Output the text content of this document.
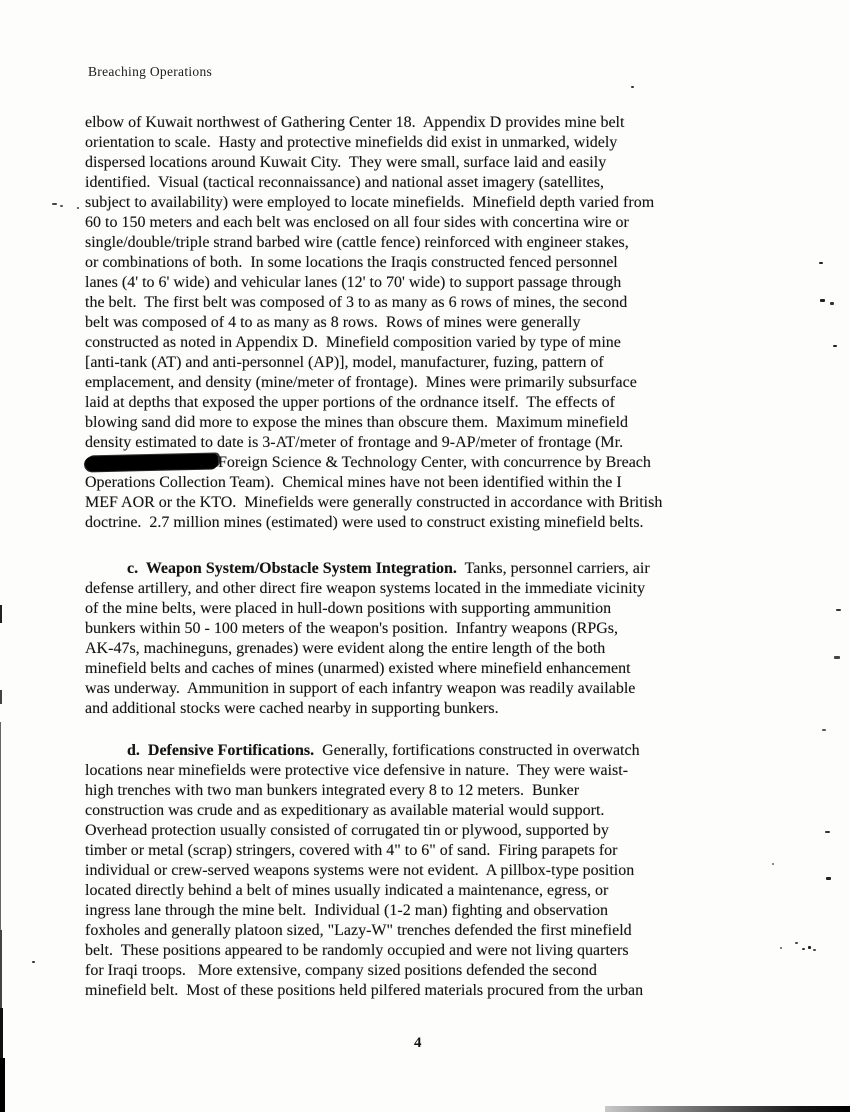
Breaching Operations
elbow of Kuwait northwest of Gathering Center 18.  Appendix D provides mine belt
orientation to scale.  Hasty and protective minefields did exist in unmarked, widely
dispersed locations around Kuwait City.  They were small, surface laid and easily
identified.  Visual (tactical reconnaissance) and national asset imagery (satellites,
subject to availability) were employed to locate minefields.  Minefield depth varied from
60 to 150 meters and each belt was enclosed on all four sides with concertina wire or
single/double/triple strand barbed wire (cattle fence) reinforced with engineer stakes,
or combinations of both.  In some locations the Iraqis constructed fenced personnel
lanes (4' to 6' wide) and vehicular lanes (12' to 70' wide) to support passage through
the belt.  The first belt was composed of 3 to as many as 6 rows of mines, the second
belt was composed of 4 to as many as 8 rows.  Rows of mines were generally
constructed as noted in Appendix D.  Minefield composition varied by type of mine
[anti-tank (AT) and anti-personnel (AP)], model, manufacturer, fuzing, pattern of
emplacement, and density (mine/meter of frontage).  Mines were primarily subsurface
laid at depths that exposed the upper portions of the ordnance itself.  The effects of
blowing sand did more to expose the mines than obscure them.  Maximum minefield
density estimated to date is 3-AT/meter of frontage and 9-AP/meter of frontage (Mr.
Foreign Science & Technology Center, with concurrence by Breach
Operations Collection Team).  Chemical mines have not been identified within the I
MEF AOR or the KTO.  Minefields were generally constructed in accordance with British
doctrine.  2.7 million mines (estimated) were used to construct existing minefield belts.
c.  Weapon System/Obstacle System Integration.  Tanks, personnel carriers, air
defense artillery, and other direct fire weapon systems located in the immediate vicinity
of the mine belts, were placed in hull-down positions with supporting ammunition
bunkers within 50 - 100 meters of the weapon's position.  Infantry weapons (RPGs,
AK-47s, machineguns, grenades) were evident along the entire length of the both
minefield belts and caches of mines (unarmed) existed where minefield enhancement
was underway.  Ammunition in support of each infantry weapon was readily available
and additional stocks were cached nearby in supporting bunkers.
d.  Defensive Fortifications.  Generally, fortifications constructed in overwatch
locations near minefields were protective vice defensive in nature.  They were waist-
high trenches with two man bunkers integrated every 8 to 12 meters.  Bunker
construction was crude and as expeditionary as available material would support.
Overhead protection usually consisted of corrugated tin or plywood, supported by
timber or metal (scrap) stringers, covered with 4" to 6" of sand.  Firing parapets for
individual or crew-served weapons systems were not evident.  A pillbox-type position
located directly behind a belt of mines usually indicated a maintenance, egress, or
ingress lane through the mine belt.  Individual (1-2 man) fighting and observation
foxholes and generally platoon sized, "Lazy-W" trenches defended the first minefield
belt.  These positions appeared to be randomly occupied and were not living quarters
for Iraqi troops.   More extensive, company sized positions defended the second
minefield belt.  Most of these positions held pilfered materials procured from the urban
4
